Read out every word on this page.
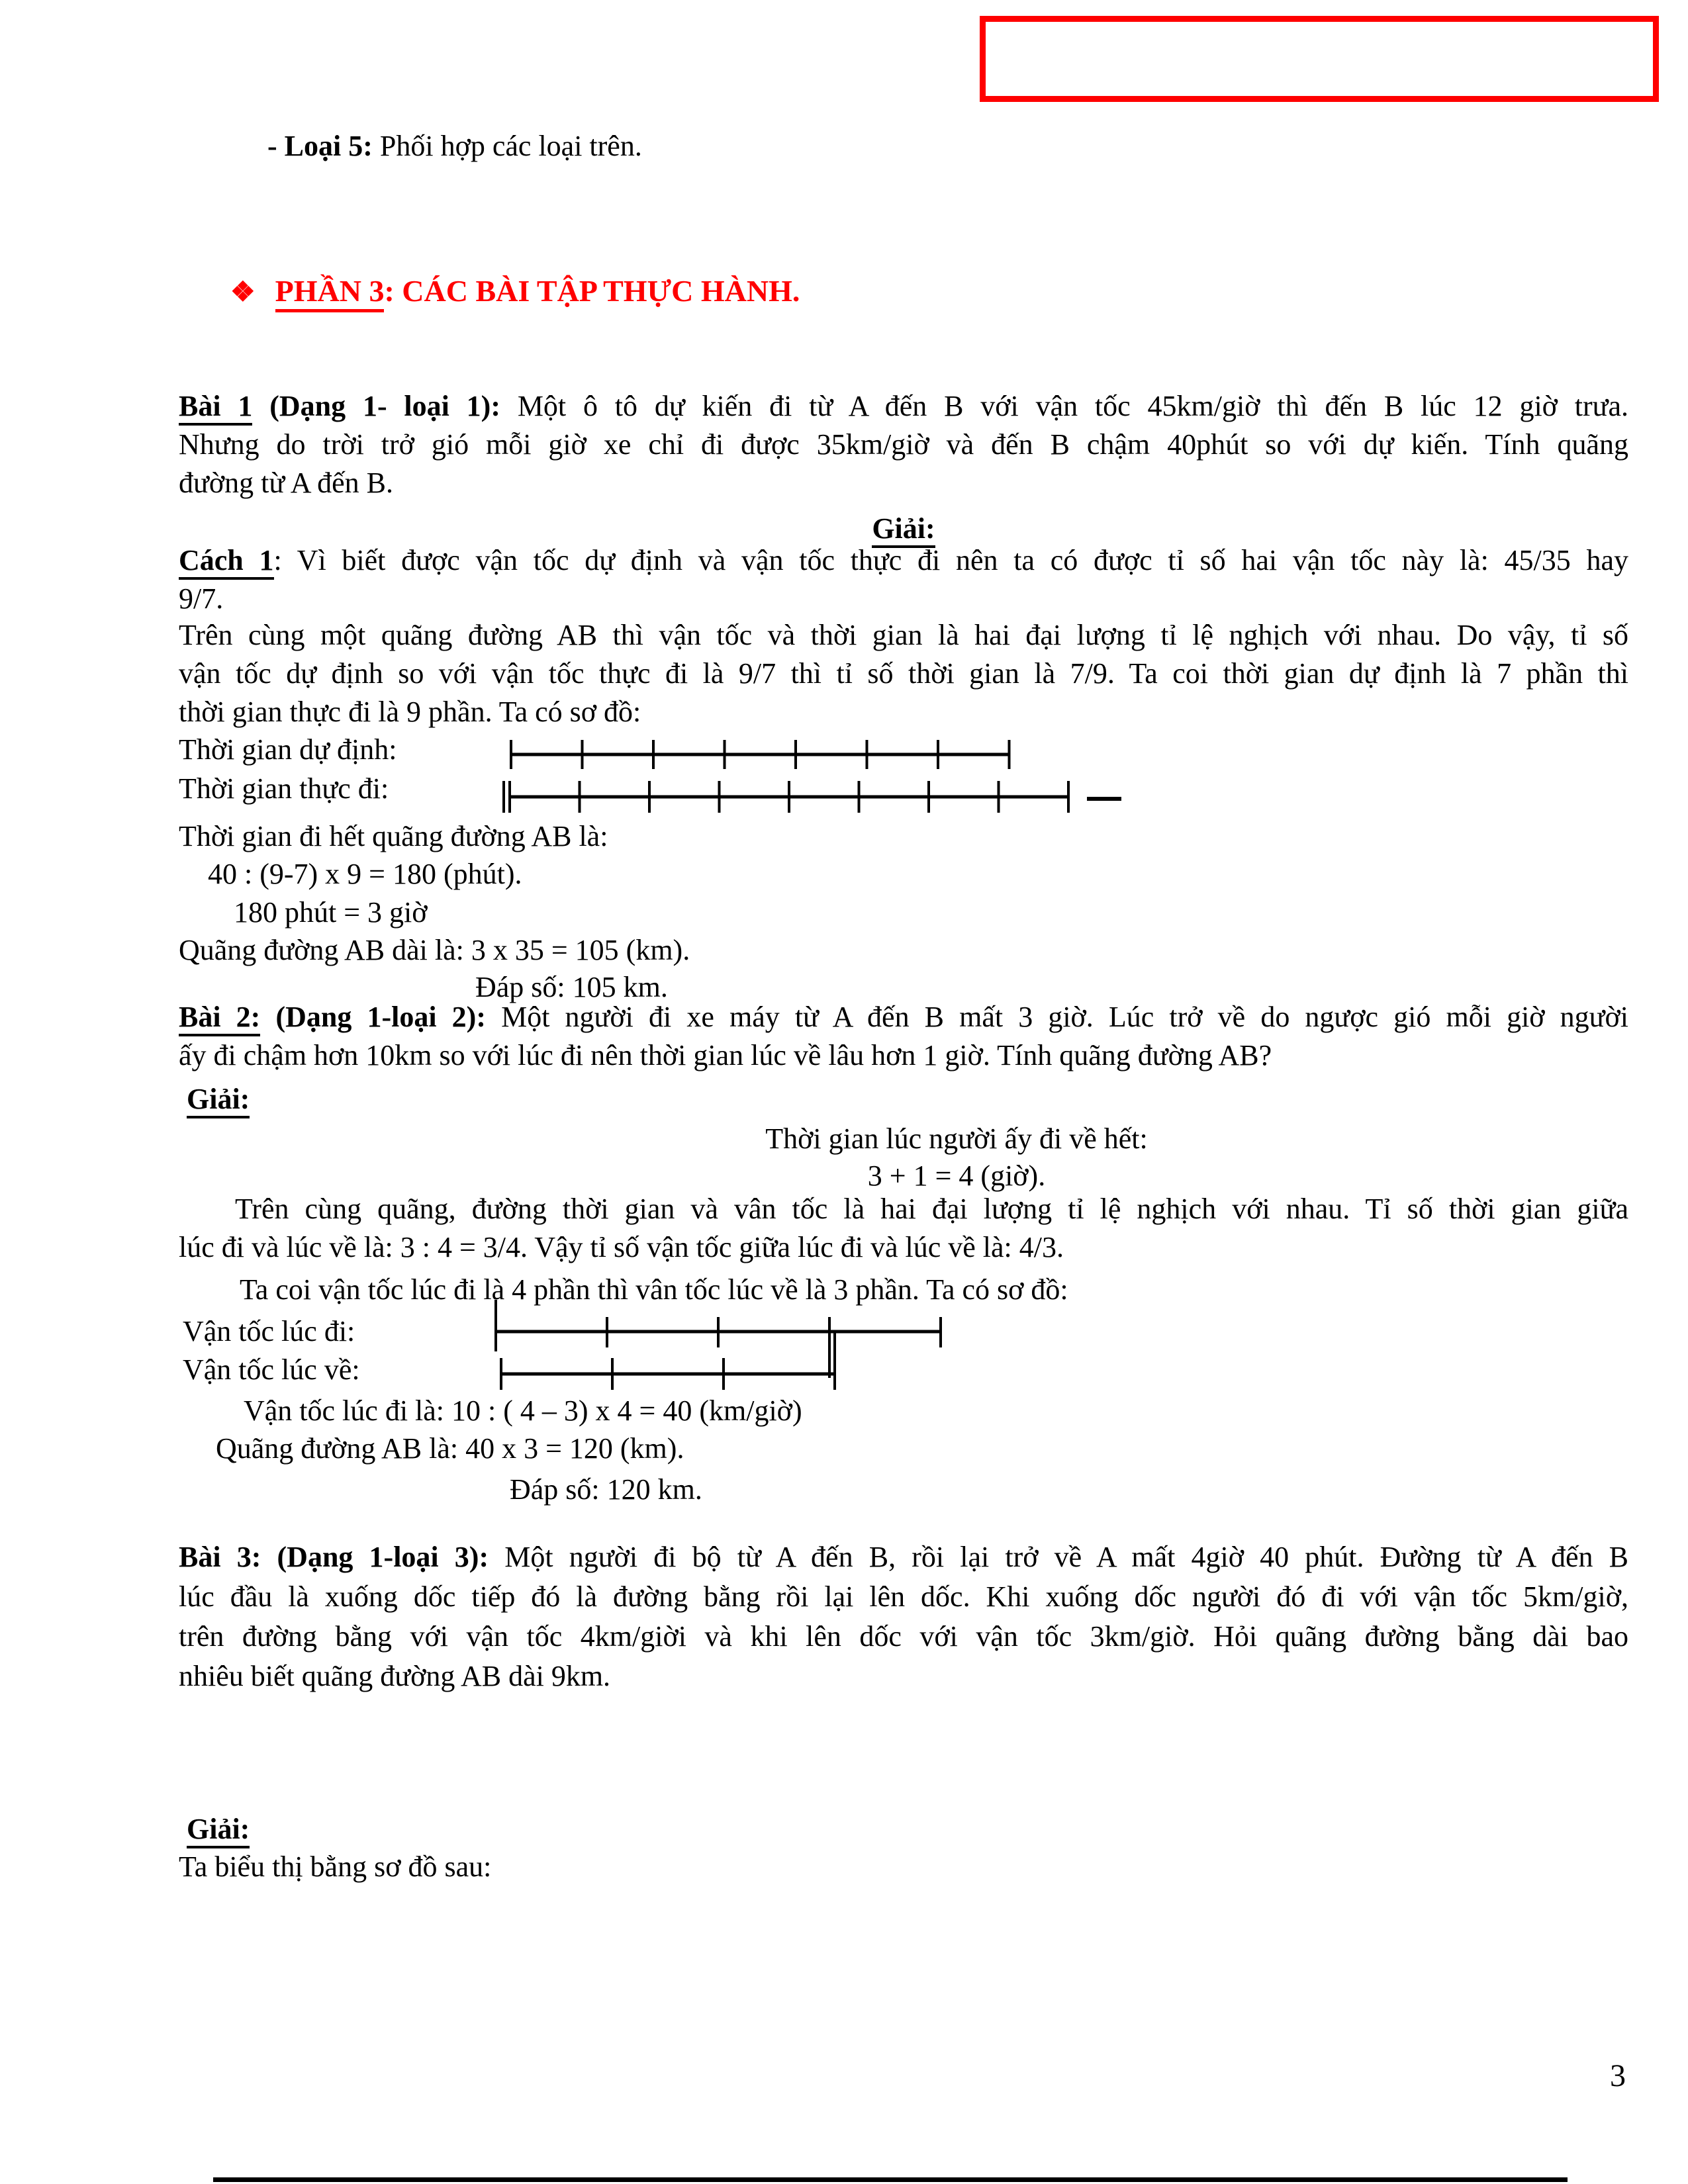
- Loại 5: Phối hợp các loại trên.
❖ PHẦN 3: CÁC BÀI TẬP THỰC HÀNH.
Bài 1 (Dạng 1- loại 1): Một ô tô dự kiến đi từ A đến B với vận tốc 45km/giờ thì đến B lúc 12 giờ trưa.
Nhưng do trời trở gió mỗi giờ xe chỉ đi được 35km/giờ và đến B chậm 40phút so với dự kiến. Tính quãng
đường từ A đến B.
Giải:
Cách 1: Vì biết được vận tốc dự định và vận tốc thực đi nên ta có được tỉ số hai vận tốc này là: 45/35 hay
9/7.
Trên cùng một quãng đường AB thì vận tốc và thời gian là hai đại lượng tỉ lệ nghịch với nhau. Do vậy, tỉ số
vận tốc dự định so với vận tốc thực đi là 9/7 thì tỉ số thời gian là 7/9. Ta coi thời gian dự định là 7 phần thì
thời gian thực đi là 9 phần. Ta có sơ đồ:
Thời gian dự định:
Thời gian thực đi:
Thời gian đi hết quãng đường AB là:
40 : (9-7) x 9 = 180 (phút).
180 phút = 3 giờ
Quãng đường AB dài là: 3 x 35 = 105 (km).
Đáp số: 105 km.
Bài 2: (Dạng 1-loại 2): Một người đi xe máy từ A đến B mất 3 giờ. Lúc trở về do ngược gió mỗi giờ người
ấy đi chậm hơn 10km so với lúc đi nên thời gian lúc về lâu hơn 1 giờ. Tính quãng đường AB?
Giải:
Thời gian lúc người ấy đi về hết:
3 + 1 = 4 (giờ).
Trên cùng quãng, đường thời gian và vân tốc là hai đại lượng tỉ lệ nghịch với nhau. Tỉ số thời gian giữa
lúc đi và lúc về là: 3 : 4 = 3/4. Vậy tỉ số vận tốc giữa lúc đi và lúc về là: 4/3.
Ta coi vận tốc lúc đi là 4 phần thì vân tốc lúc về là 3 phần. Ta có sơ đồ:
Vận tốc lúc đi:
Vận tốc lúc về:
Vận tốc lúc đi là: 10 : ( 4 – 3) x 4 = 40 (km/giờ)
Quãng đường AB là: 40 x 3 = 120 (km).
Đáp số: 120 km.
Bài 3: (Dạng 1-loại 3): Một người đi bộ từ A đến B, rồi lại trở về A mất 4giờ 40 phút. Đường từ A đến B
lúc đầu là xuống dốc tiếp đó là đường bằng rồi lại lên dốc. Khi xuống dốc người đó đi với vận tốc 5km/giờ,
trên đường bằng với vận tốc 4km/giời và khi lên dốc với vận tốc 3km/giờ. Hỏi quãng đường bằng dài bao
nhiêu biết quãng đường AB dài 9km.
Giải:
Ta biểu thị bằng sơ đồ sau:
3
